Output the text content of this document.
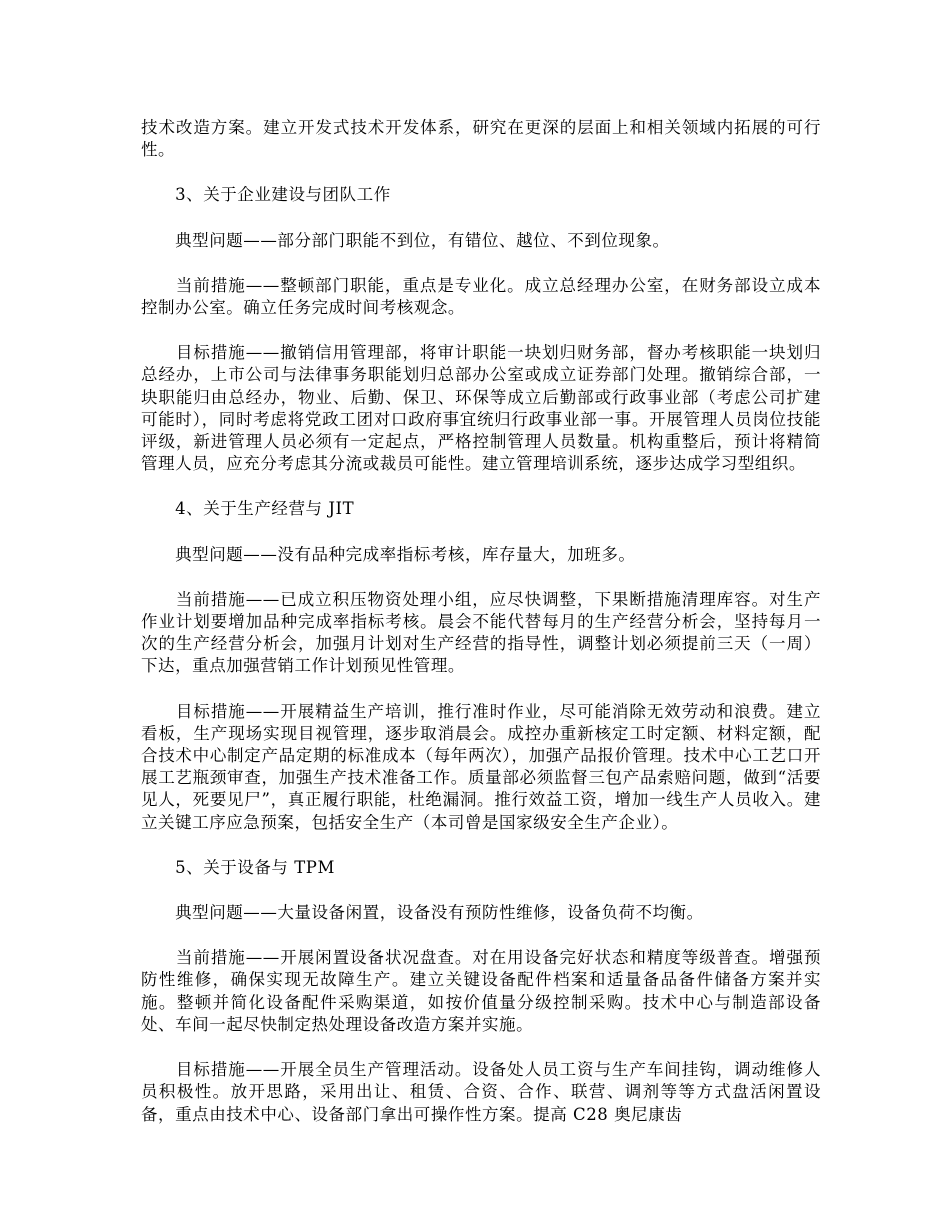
技术改造方案。建立开发式技术开发体系，研究在更深的层面上和相关领域内拓展的可行性。

　　3、关于企业建设与团队工作

　　典型问题——部分部门职能不到位，有错位、越位、不到位现象。

　　当前措施——整顿部门职能，重点是专业化。成立总经理办公室，在财务部设立成本控制办公室。确立任务完成时间考核观念。

　　目标措施——撤销信用管理部，将审计职能一块划归财务部，督办考核职能一块划归总经办，上市公司与法律事务职能划归总部办公室或成立证券部门处理。撤销综合部，一块职能归由总经办，物业、后勤、保卫、环保等成立后勤部或行政事业部（考虑公司扩建可能时），同时考虑将党政工团对口政府事宜统归行政事业部一事。开展管理人员岗位技能评级，新进管理人员必须有一定起点，严格控制管理人员数量。机构重整后，预计将精简管理人员，应充分考虑其分流或裁员可能性。建立管理培训系统，逐步达成学习型组织。

　　4、关于生产经营与 JIT

　　典型问题——没有品种完成率指标考核，库存量大，加班多。

　　当前措施——已成立积压物资处理小组，应尽快调整，下果断措施清理库容。对生产作业计划要增加品种完成率指标考核。晨会不能代替每月的生产经营分析会，坚持每月一次的生产经营分析会，加强月计划对生产经营的指导性，调整计划必须提前三天（一周）下达，重点加强营销工作计划预见性管理。

　　目标措施——开展精益生产培训，推行准时作业，尽可能消除无效劳动和浪费。建立看板，生产现场实现目视管理，逐步取消晨会。成控办重新核定工时定额、材料定额，配合技术中心制定产品定期的标准成本（每年两次），加强产品报价管理。技术中心工艺口开展工艺瓶颈审查，加强生产技术准备工作。质量部必须监督三包产品索赔问题，做到“活要见人，死要见尸”，真正履行职能，杜绝漏洞。推行效益工资，增加一线生产人员收入。建立关键工序应急预案，包括安全生产（本司曾是国家级安全生产企业）。

　　5、关于设备与 TPM

　　典型问题——大量设备闲置，设备没有预防性维修，设备负荷不均衡。

　　当前措施——开展闲置设备状况盘查。对在用设备完好状态和精度等级普查。增强预防性维修，确保实现无故障生产。建立关键设备配件档案和适量备品备件储备方案并实施。整顿并简化设备配件采购渠道，如按价值量分级控制采购。技术中心与制造部设备处、车间一起尽快制定热处理设备改造方案并实施。

　　目标措施——开展全员生产管理活动。设备处人员工资与生产车间挂钩，调动维修人员积极性。放开思路，采用出让、租赁、合资、合作、联营、调剂等等方式盘活闲置设备，重点由技术中心、设备部门拿出可操作性方案。提高 C28 奥尼康齿
